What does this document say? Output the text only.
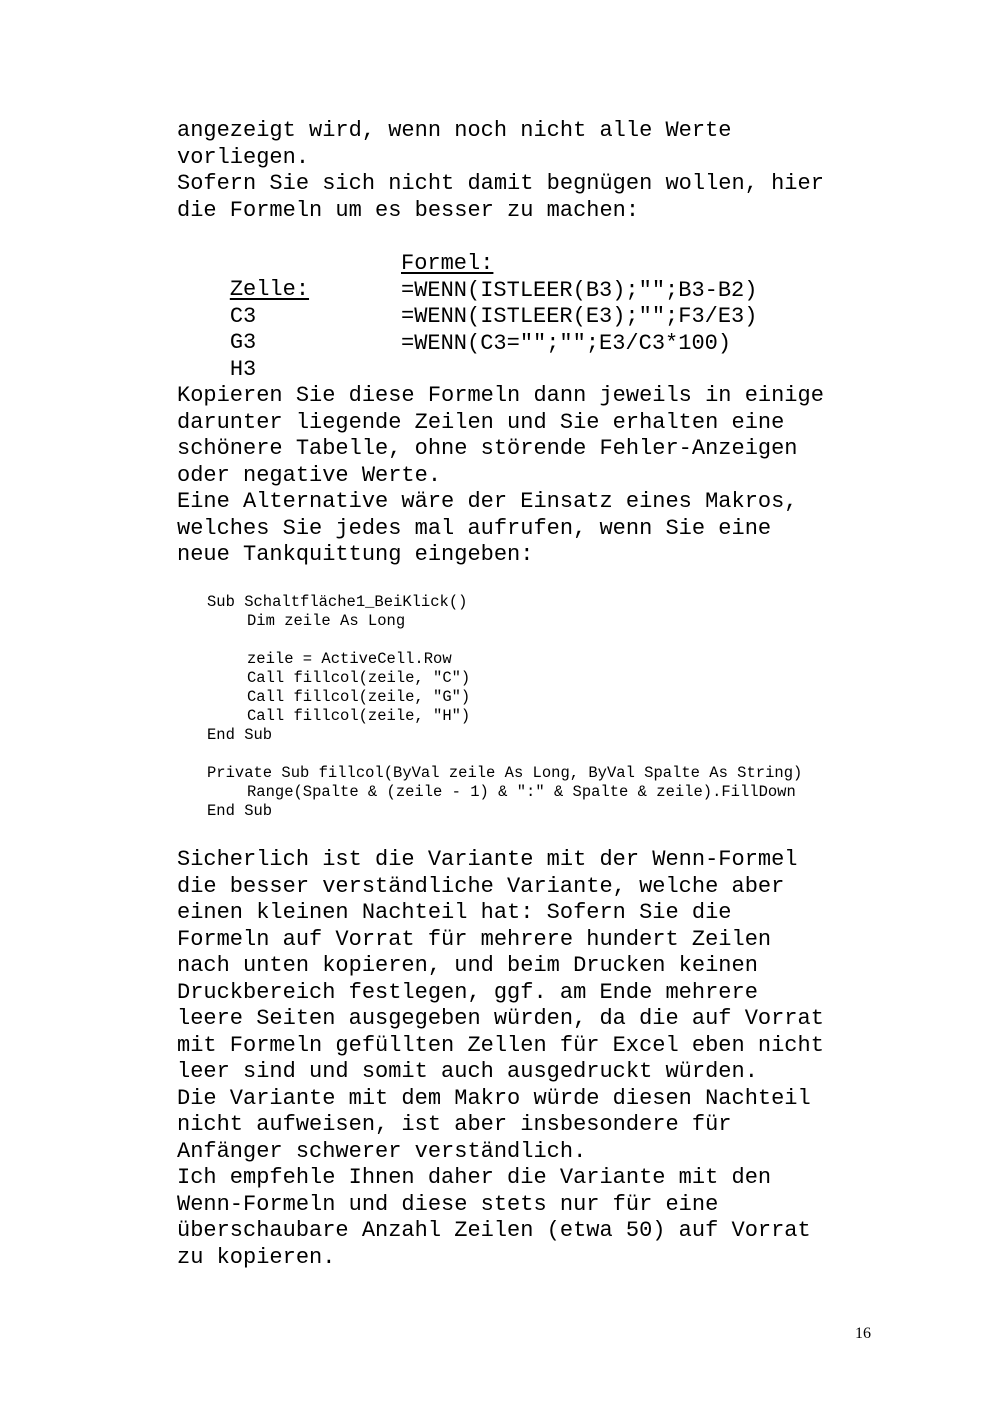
angezeigt wird, wenn noch nicht alle Werte

vorliegen.

Sofern Sie sich nicht damit begnügen wollen, hier

die Formeln um es besser zu machen:

Zelle:
Formel:

C3
=WENN(ISTLEER(B3);"";B3-B2)

G3
=WENN(ISTLEER(E3);"";F3/E3)

H3
=WENN(C3="";"";E3/C3*100)

Kopieren Sie diese Formeln dann jeweils in einige

darunter liegende Zeilen und Sie erhalten eine

schönere Tabelle, ohne störende Fehler-Anzeigen

oder negative Werte.

Eine Alternative wäre der Einsatz eines Makros,

welches Sie jedes mal aufrufen, wenn Sie eine

neue Tankquittung eingeben:

Sub Schaltfläche1_BeiKlick()

Dim zeile As Long

zeile = ActiveCell.Row

Call fillcol(zeile, "C")

Call fillcol(zeile, "G")

Call fillcol(zeile, "H")

End Sub

Private Sub fillcol(ByVal zeile As Long, ByVal Spalte As String)

Range(Spalte & (zeile - 1) & ":" & Spalte & zeile).FillDown

End Sub

Sicherlich ist die Variante mit der Wenn-Formel

die besser verständliche Variante, welche aber

einen kleinen Nachteil hat: Sofern Sie die

Formeln auf Vorrat für mehrere hundert Zeilen

nach unten kopieren, und beim Drucken keinen

Druckbereich festlegen, ggf. am Ende mehrere

leere Seiten ausgegeben würden, da die auf Vorrat

mit Formeln gefüllten Zellen für Excel eben nicht

leer sind und somit auch ausgedruckt würden.

Die Variante mit dem Makro würde diesen Nachteil

nicht aufweisen, ist aber insbesondere für

Anfänger schwerer verständlich.

Ich empfehle Ihnen daher die Variante mit den

Wenn-Formeln und diese stets nur für eine

überschaubare Anzahl Zeilen (etwa 50) auf Vorrat

zu kopieren.

16
